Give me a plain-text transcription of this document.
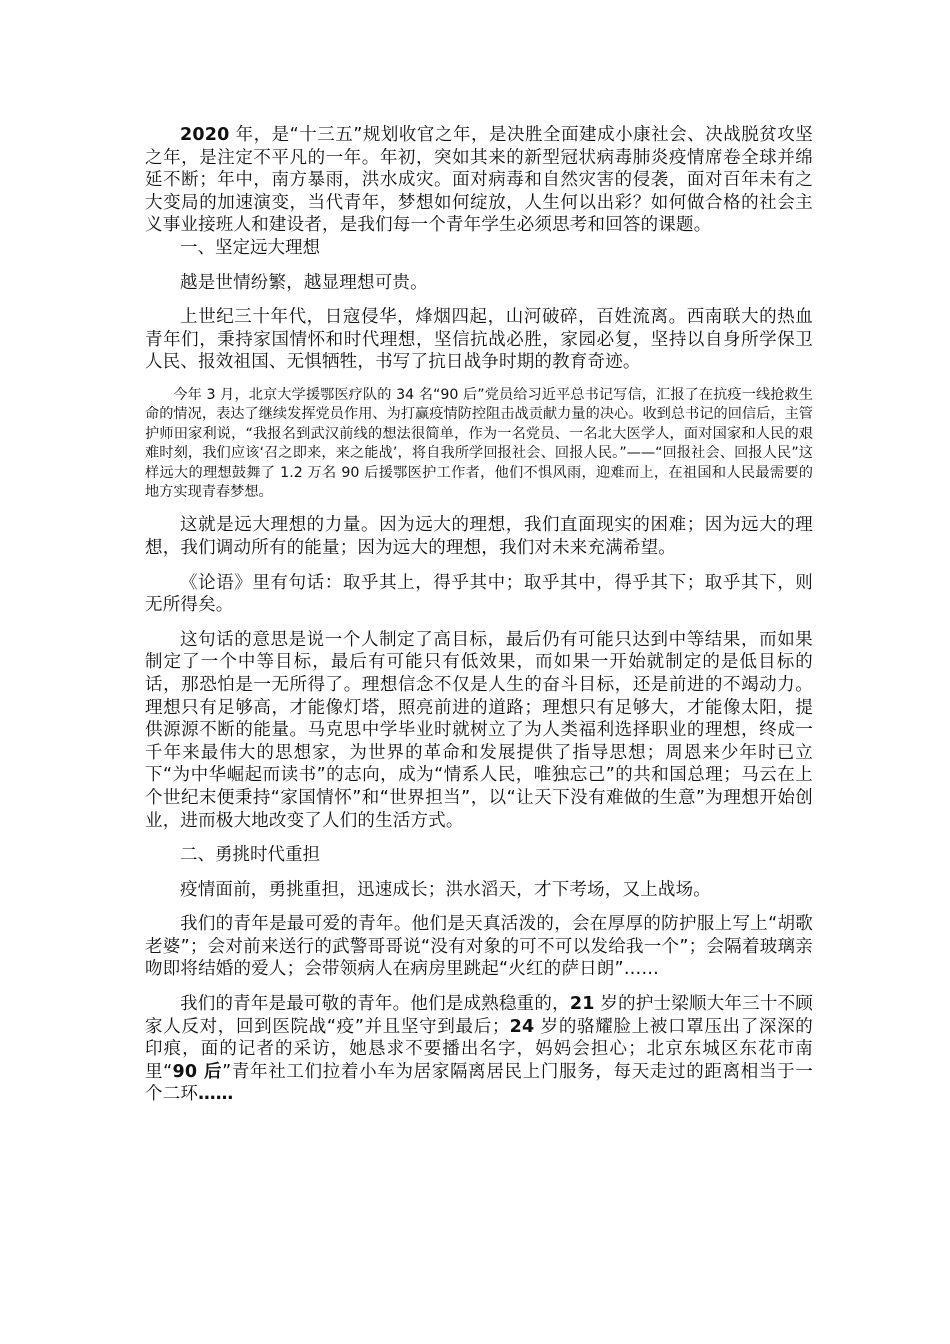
2020 年，是“十三五”规划收官之年，是决胜全面建成小康社会、决战脱贫攻坚之年，是注定不平凡的一年。年初，突如其来的新型冠状病毒肺炎疫情席卷全球并绵延不断；年中，南方暴雨，洪水成灾。面对病毒和自然灾害的侵袭，面对百年未有之大变局的加速演变，当代青年，梦想如何绽放，人生何以出彩？如何做合格的社会主义事业接班人和建设者，是我们每一个青年学生必须思考和回答的课题。

一、坚定远大理想

越是世情纷繁，越显理想可贵。

上世纪三十年代，日寇侵华，烽烟四起，山河破碎，百姓流离。西南联大的热血青年们，秉持家国情怀和时代理想，坚信抗战必胜，家园必复，坚持以自身所学保卫人民、报效祖国、无惧牺牲，书写了抗日战争时期的教育奇迹。

今年 3 月，北京大学援鄂医疗队的 34 名“90 后”党员给习近平总书记写信，汇报了在抗疫一线抢救生命的情况，表达了继续发挥党员作用、为打赢疫情防控阻击战贡献力量的决心。收到总书记的回信后，主管护师田家利说，“我报名到武汉前线的想法很简单，作为一名党员、一名北大医学人，面对国家和人民的艰难时刻，我们应该‘召之即来，来之能战’，将自我所学回报社会、回报人民。”——“回报社会、回报人民”这样远大的理想鼓舞了 1.2 万名 90 后援鄂医护工作者，他们不惧风雨，迎难而上，在祖国和人民最需要的地方实现青春梦想。

这就是远大理想的力量。因为远大的理想，我们直面现实的困难；因为远大的理想，我们调动所有的能量；因为远大的理想，我们对未来充满希望。

《论语》里有句话：取乎其上，得乎其中；取乎其中，得乎其下；取乎其下，则无所得矣。

这句话的意思是说一个人制定了高目标，最后仍有可能只达到中等结果，而如果制定了一个中等目标，最后有可能只有低效果，而如果一开始就制定的是低目标的话，那恐怕是一无所得了。理想信念不仅是人生的奋斗目标，还是前进的不竭动力。理想只有足够高，才能像灯塔，照亮前进的道路；理想只有足够大，才能像太阳，提供源源不断的能量。马克思中学毕业时就树立了为人类福利选择职业的理想，终成一千年来最伟大的思想家，为世界的革命和发展提供了指导思想；周恩来少年时已立下“为中华崛起而读书”的志向，成为“情系人民，唯独忘己”的共和国总理；马云在上个世纪末便秉持“家国情怀”和“世界担当”，以“让天下没有难做的生意”为理想开始创业，进而极大地改变了人们的生活方式。

二、勇挑时代重担

疫情面前，勇挑重担，迅速成长；洪水滔天，才下考场，又上战场。

我们的青年是最可爱的青年。他们是天真活泼的，会在厚厚的防护服上写上“胡歌老婆”；会对前来送行的武警哥哥说“没有对象的可不可以发给我一个”；会隔着玻璃亲吻即将结婚的爱人；会带领病人在病房里跳起“火红的萨日朗”……

我们的青年是最可敬的青年。他们是成熟稳重的，21 岁的护士梁顺大年三十不顾家人反对，回到医院战“疫”并且坚守到最后；24 岁的骆耀脸上被口罩压出了深深的印痕，面的记者的采访，她恳求不要播出名字，妈妈会担心；北京东城区东花市南里“90 后”青年社工们拉着小车为居家隔离居民上门服务，每天走过的距离相当于一个二环……
